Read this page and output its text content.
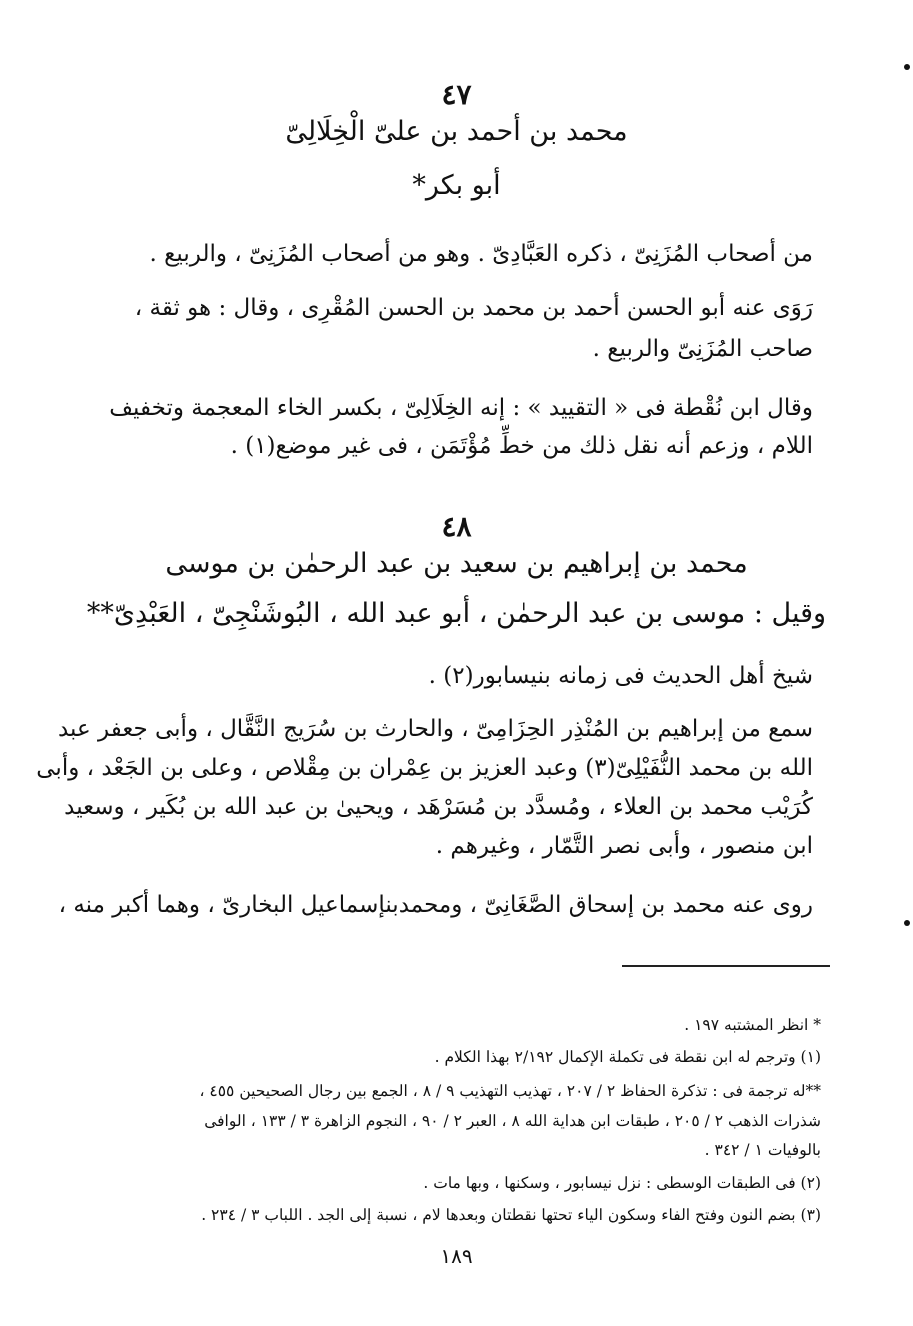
٤٧
محمد بن أحمد بن علىّ الْخِلَالِىّ
أبو بكر*
من أصحاب المُزَنِىّ ، ذكره العَبَّادِىّ . وهو من أصحاب المُزَنِىّ ، والربيع .
رَوَى عنه أبو الحسن أحمد بن محمد بن الحسن المُقْرِى ، وقال : هو ثقة ،
صاحب المُزَنِىّ والربيع .
وقال ابن نُقْطة فى « التقييد » : إنه الخِلَالِىّ ، بكسر الخاء المعجمة وتخفيف
اللام ، وزعم أنه نقل ذلك من خطِّ مُؤْتَمَن ، فى غير موضع(١) .
٤٨
محمد بن إبراهيم بن سعيد بن عبد الرحمٰن بن موسى
وقيل : موسى بن عبد الرحمٰن ، أبو عبد الله ، البُوشَنْجِىّ ، العَبْدِىّ**
شيخ أهل الحديث فى زمانه بنيسابور(٢) .
سمع من إبراهيم بن المُنْذِر الحِزَامِىّ ، والحارث بن سُرَيج النَّقَّال ، وأبى جعفر عبد
الله بن محمد النُّفَيْلِىّ(٣) وعبد العزيز بن عِمْران بن مِقْلاص ، وعلى بن الجَعْد ، وأبى
كُرَيْب محمد بن العلاء ، ومُسدَّد بن مُسَرْهَد ، ويحيىٰ بن عبد الله بن بُكَير ، وسعيد
ابن منصور ، وأبى نصر التَّمّار ، وغيرهم .
روى عنه محمد بن إسحاق الصَّغَانِىّ ، ومحمدبنإسماعيل البخارىّ ، وهما أكبر منه ،
* انظر المشتبه ١٩٧ .
(١) وترجم له ابن نقطة فى تكملة الإكمال ٢/١٩٢ بهذا الكلام .
**له ترجمة فى : تذكرة الحفاظ ٢ / ٢٠٧ ، تهذيب التهذيب ٩ / ٨ ، الجمع بين رجال الصحيحين ٤٥٥ ،
شذرات الذهب ٢ / ٢٠٥ ، طبقات ابن هداية الله ٨ ، العبر ٢ / ٩٠ ، النجوم الزاهرة ٣ / ١٣٣ ، الوافى
بالوفيات ١ / ٣٤٢ .
(٢) فى الطبقات الوسطى : نزل نيسابور ، وسكنها ، وبها مات .
(٣) بضم النون وفتح الفاء وسكون الياء تحتها نقطتان وبعدها لام ، نسبة إلى الجد . اللباب ٣ / ٢٣٤ .
١٨٩
